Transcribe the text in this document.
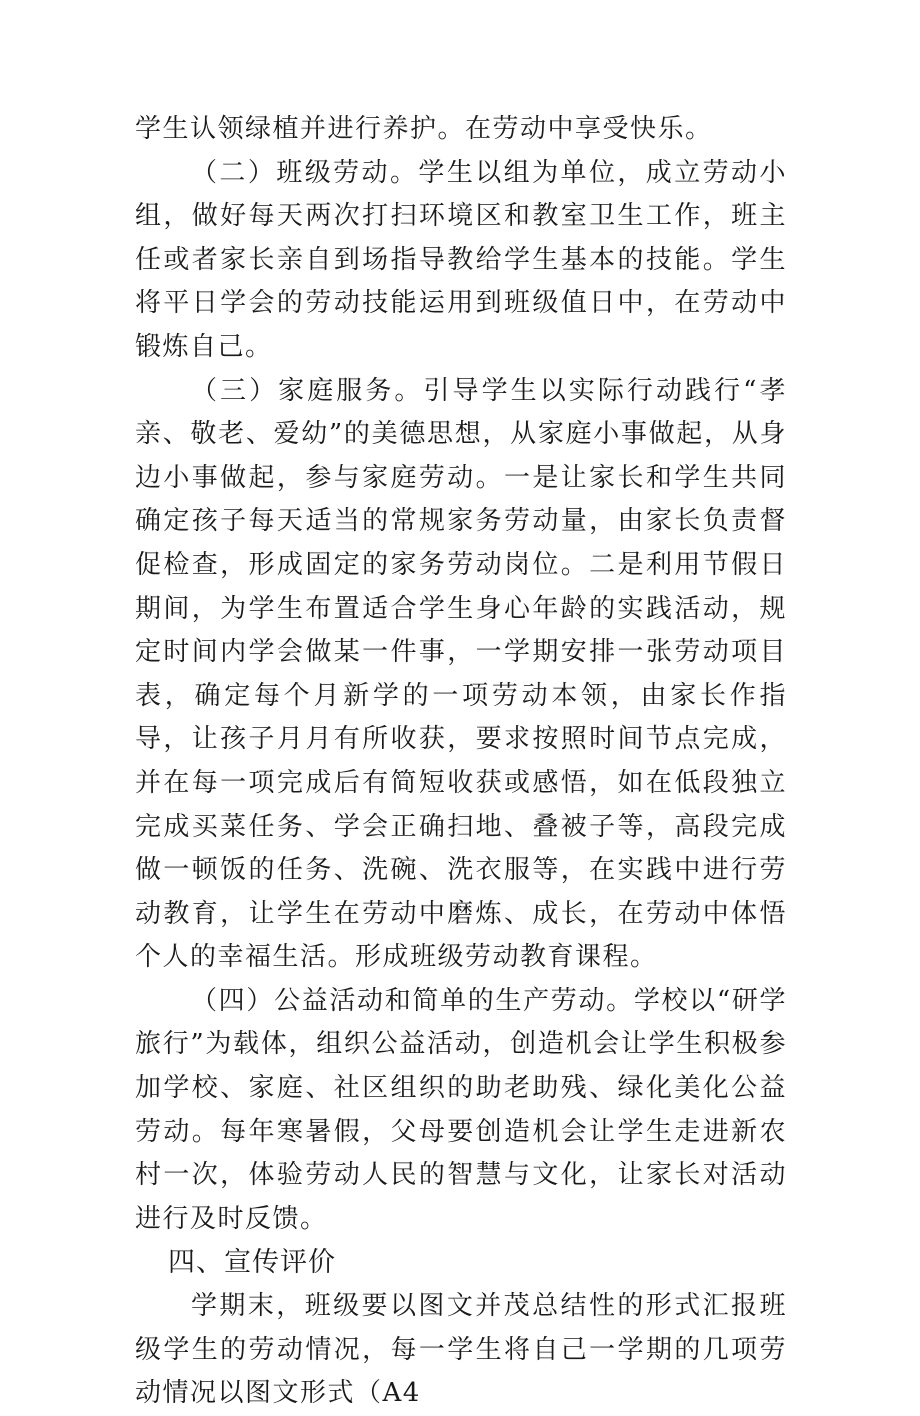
学生认领绿植并进行养护。在劳动中享受快乐。

（二）班级劳动。学生以组为单位，成立劳动小组，做好每天两次打扫环境区和教室卫生工作，班主任或者家长亲自到场指导教给学生基本的技能。学生将平日学会的劳动技能运用到班级值日中，在劳动中锻炼自己。

（三）家庭服务。引导学生以实际行动践行“孝亲、敬老、爱幼”的美德思想，从家庭小事做起，从身边小事做起，参与家庭劳动。一是让家长和学生共同确定孩子每天适当的常规家务劳动量，由家长负责督促检查，形成固定的家务劳动岗位。二是利用节假日期间，为学生布置适合学生身心年龄的实践活动，规定时间内学会做某一件事，一学期安排一张劳动项目表，确定每个月新学的一项劳动本领，由家长作指导，让孩子月月有所收获，要求按照时间节点完成，并在每一项完成后有简短收获或感悟，如在低段独立完成买菜任务、学会正确扫地、叠被子等，高段完成做一顿饭的任务、洗碗、洗衣服等，在实践中进行劳动教育，让学生在劳动中磨炼、成长，在劳动中体悟个人的幸福生活。形成班级劳动教育课程。

（四）公益活动和简单的生产劳动。学校以“研学旅行”为载体，组织公益活动，创造机会让学生积极参加学校、家庭、社区组织的助老助残、绿化美化公益劳动。每年寒暑假，父母要创造机会让学生走进新农村一次，体验劳动人民的智慧与文化，让家长对活动进行及时反馈。

四、宣传评价

学期末，班级要以图文并茂总结性的形式汇报班级学生的劳动情况，每一学生将自己一学期的几项劳动情况以图文形式（A4
